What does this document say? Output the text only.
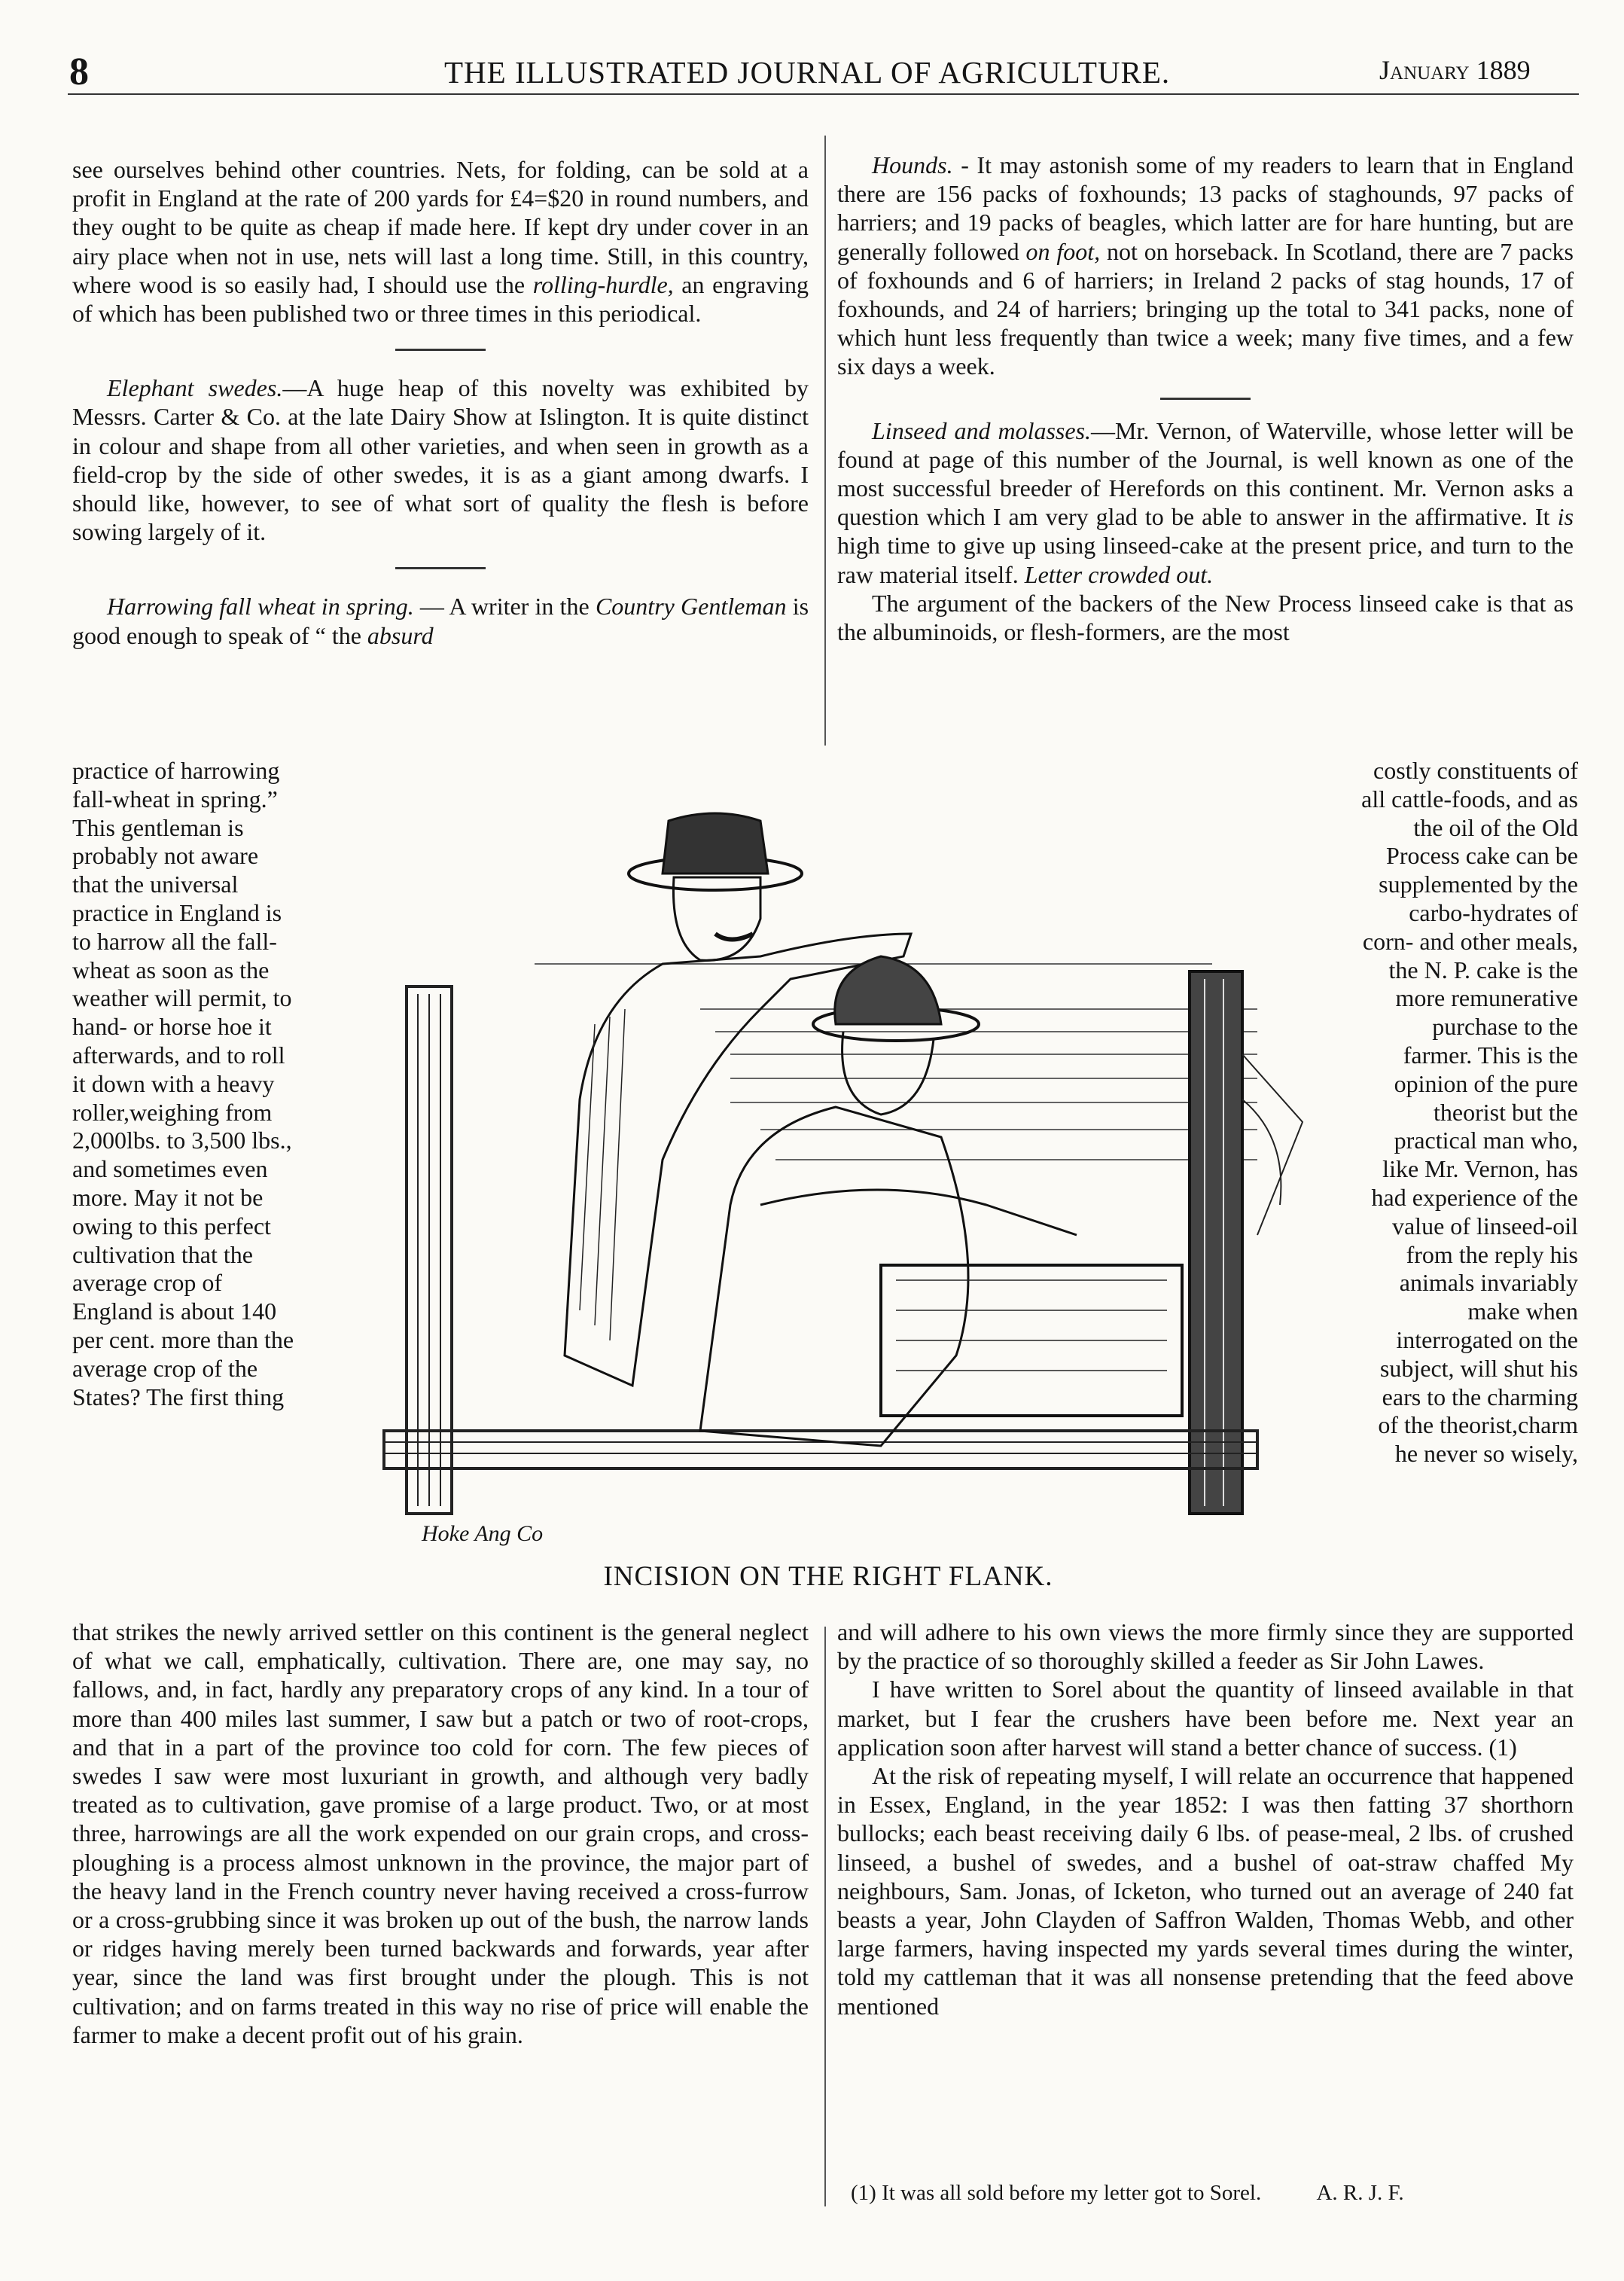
8	THE ILLUSTRATED JOURNAL OF AGRICULTURE.	January 1889

see ourselves behind other countries. Nets, for folding, can be sold at a profit in England at the rate of 200 yards for £4=$20 in round numbers, and they ought to be quite as cheap if made here. If kept dry under cover in an airy place when not in use, nets will last a long time. Still, in this country, where wood is so easily had, I should use the rolling-hurdle, an engraving of which has been published two or three times in this periodical.

Elephant swedes.—A huge heap of this novelty was exhibited by Messrs. Carter & Co. at the late Dairy Show at Islington. It is quite distinct in colour and shape from all other varieties, and when seen in growth as a field-crop by the side of other swedes, it is as a giant among dwarfs. I should like, however, to see of what sort of quality the flesh is before sowing largely of it.

Harrowing fall wheat in spring. — A writer in the Country Gentleman is good enough to speak of “ the absurd

Hounds. - It may astonish some of my readers to learn that in England there are 156 packs of foxhounds; 13 packs of staghounds, 97 packs of harriers; and 19 packs of beagles, which latter are for hare hunting, but are generally followed on foot, not on horseback. In Scotland, there are 7 packs of foxhounds and 6 of harriers; in Ireland 2 packs of stag hounds, 17 of foxhounds, and 24 of harriers; bringing up the total to 341 packs, none of which hunt less frequently than twice a week; many five times, and a few six days a week.

Linseed and molasses.—Mr. Vernon, of Waterville, whose letter will be found at page of this number of the Journal, is well known as one of the most successful breeder of Herefords on this continent. Mr. Vernon asks a question which I am very glad to be able to answer in the affirmative. It is high time to give up using linseed-cake at the present price, and turn to the raw material itself. Letter crowded out.

The argument of the backers of the New Process linseed cake is that as the albuminoids, or flesh-formers, are the most

practice of harrowing fall-wheat in spring.” This gentleman is probably not aware that the universal practice in England is to harrow all the fall-wheat as soon as the weather will permit, to hand- or horse hoe it afterwards, and to roll it down with a heavy roller,weighing from 2,000lbs. to 3,500 lbs., and sometimes even more. May it not be owing to this perfect cultivation that the average crop of England is about 140 per cent. more than the average crop of the States? The first thing
costly constituents of all cattle-foods, and as the oil of the Old Process cake can be supplemented by the carbo-hydrates of corn- and other meals, the N. P. cake is the more remunerative purchase to the farmer. This is the opinion of the pure theorist but the practical man who, like Mr. Vernon, has had experience of the value of linseed-oil from the reply his animals invariably make when interrogated on the subject, will shut his ears to the charming of the theorist,charm he never so wisely,
Hoke Ang Co
INCISION ON THE RIGHT FLANK.

that strikes the newly arrived settler on this continent is the general neglect of what we call, emphatically, cultivation. There are, one may say, no fallows, and, in fact, hardly any preparatory crops of any kind. In a tour of more than 400 miles last summer, I saw but a patch or two of root-crops, and that in a part of the province too cold for corn. The few pieces of swedes I saw were most luxuriant in growth, and although very badly treated as to cultivation, gave promise of a large product. Two, or at most three, harrowings are all the work expended on our grain crops, and cross-ploughing is a process almost unknown in the province, the major part of the heavy land in the French country never having received a cross-furrow or a cross-grubbing since it was broken up out of the bush, the narrow lands or ridges having merely been turned backwards and forwards, year after year, since the land was first brought under the plough. This is not cultivation; and on farms treated in this way no rise of price will enable the farmer to make a decent profit out of his grain.

and will adhere to his own views the more firmly since they are supported by the practice of so thoroughly skilled a feeder as Sir John Lawes.

I have written to Sorel about the quantity of linseed available in that market, but I fear the crushers have been before me. Next year an application soon after harvest will stand a better chance of success. (1)

At the risk of repeating myself, I will relate an occurrence that happened in Essex, England, in the year 1852: I was then fatting 37 shorthorn bullocks; each beast receiving daily 6 lbs. of pease-meal, 2 lbs. of crushed linseed, a bushel of swedes, and a bushel of oat-straw chaffed My neighbours, Sam. Jonas, of Icketon, who turned out an average of 240 fat beasts a year, John Clayden of Saffron Walden, Thomas Webb, and other large farmers, having inspected my yards several times during the winter, told my cattleman that it was all nonsense pretending that the feed above mentioned

(1) It was all sold before my letter got to Sorel.	A. R. J. F.
